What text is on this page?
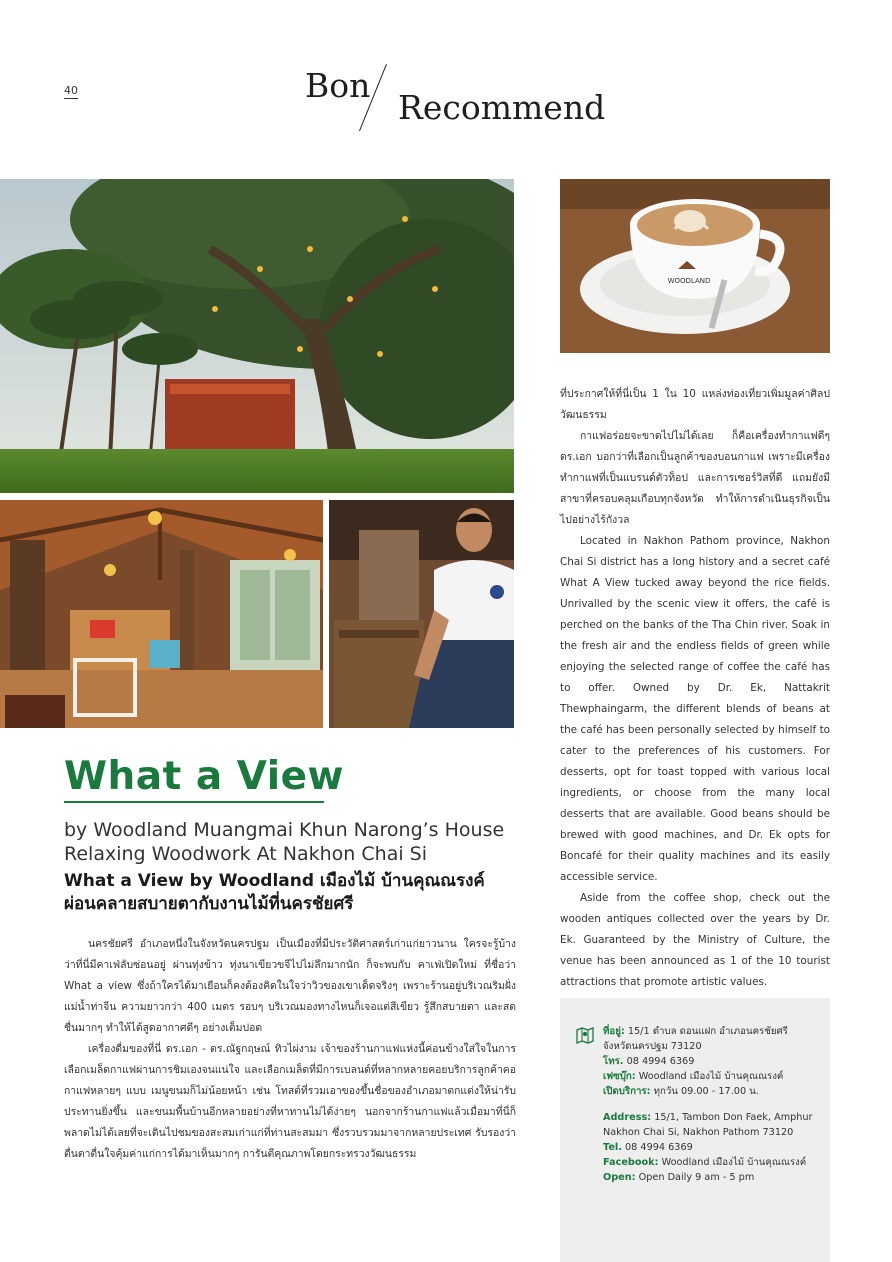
40	Bon
Recommend
WOODLAND
What a View
by Woodland Muangmai Khun Narong’s House
Relaxing Woodwork At Nakhon Chai Si
What a View by Woodland เมืองไม้ บ้านคุณณรงค์
ผ่อนคลายสบายตากับงานไม้ที่นครชัยศรี

นครชัยศรี อำเภอหนึ่งในจังหวัดนครปฐม เป็นเมืองที่มีประวัติศาสตร์เก่าแก่ยาวนาน ใครจะรู้บ้างว่าที่นี่มีคาเฟ่ลับซ่อนอยู่ ผ่านทุ่งข้าว ทุ่งนาเขียวขจีไปไม่ลึกมากนัก ก็จะพบกับ คาเฟ่เปิดใหม่ ที่ชื่อว่า What a view ซึ่งถ้าใครได้มาเยือนก็คงต้องคิดในใจว่าวิวของเขาเด็ดจริงๆ เพราะร้านอยู่บริเวณริมฝั่งแม่น้ำท่าจีน ความยาวกว่า 400 เมตร รอบๆ บริเวณมองทางไหนก็เจอแต่สีเขียว รู้สึกสบายตา และสดชื่นมากๆ ทำให้ได้สูดอากาศดีๆ อย่างเต็มปอด

เครื่องดื่มของที่นี่ ดร.เอก - ดร.ณัฐกฤษณ์ ทิวไผ่งาม เจ้าของร้านกาแฟแห่งนี้ค่อนข้างใส่ใจในการเลือกเมล็ดกาแฟผ่านการชิมเองจนแน่ใจ และเลือกเมล็ดที่มีการเบลนด์ที่หลากหลายคอยบริการลูกค้าคอกาแฟหลายๆ แบบ เมนูขนมก็ไม่น้อยหน้า เช่น โทสต์ที่รวมเอาของขึ้นชื่อของอำเภอมาตกแต่งให้น่ารับประทานยิ่งขึ้น และขนมพื้นบ้านอีกหลายอย่างที่หาทานไม่ได้ง่ายๆ นอกจากร้านกาแฟแล้วเมื่อมาที่นี่ก็พลาดไม่ได้เลยที่จะเดินไปชมของสะสมเก่าแก่ที่ท่านสะสมมา ซึ่งรวบรวมมาจากหลายประเทศ รับรองว่าตื่นตาตื่นใจคุ้มค่าแก่การได้มาเห็นมากๆ การันตีคุณภาพโดยกระทรวงวัฒนธรรม

ที่ประกาศให้ที่นี่เป็น 1 ใน 10 แหล่งท่องเที่ยวเพิ่มมูลค่าศิลปวัฒนธรรม

กาแฟอร่อยจะขาดไปไม่ได้เลย ก็คือเครื่องทำกาแฟดีๆ ดร.เอก บอกว่าที่เลือกเป็นลูกค้าของบอนกาแฟ เพราะมีเครื่องทำกาแฟที่เป็นแบรนด์ตัวท็อป และการเซอร์วิสที่ดี แถมยังมีสาขาที่ครอบคลุมเกือบทุกจังหวัด ทำให้การดำเนินธุรกิจเป็นไปอย่างไร้กังวล

Located in Nakhon Pathom province, Nakhon Chai Si district has a long history and a secret café What A View tucked away beyond the rice fields. Unrivalled by the scenic view it offers, the café is perched on the banks of the Tha Chin river. Soak in the fresh air and the endless fields of green while enjoying the selected range of coffee the café has to offer. Owned by Dr. Ek, Nattakrit Thewphaingarm, the different blends of beans at the café has been personally selected by himself to cater to the preferences of his customers. For desserts, opt for toast topped with various local ingredients, or choose from the many local desserts that are available. Good beans should be brewed with good machines, and Dr. Ek opts for Boncafé for their quality machines and its easily accessible service.

Aside from the coffee shop, check out the wooden antiques collected over the years by Dr. Ek. Guaranteed by the Ministry of Culture, the venue has been announced as 1 of the 10 tourist attractions that promote artistic values.

ที่อยู่: 15/1 ตำบล ดอนแฝก อำเภอนครชัยศรี
จังหวัดนครปฐม 73120
โทร. 08 4994 6369
เฟซบุ๊ก: Woodland เมืองไม้ บ้านคุณณรงค์
เปิดบริการ: ทุกวัน 09.00 - 17.00 น.
Address: 15/1, Tambon Don Faek, Amphur
Nakhon Chai Si, Nakhon Pathom 73120
Tel. 08 4994 6369
Facebook: Woodland เมืองไม้ บ้านคุณณรงค์
Open: Open Daily 9 am - 5 pm
